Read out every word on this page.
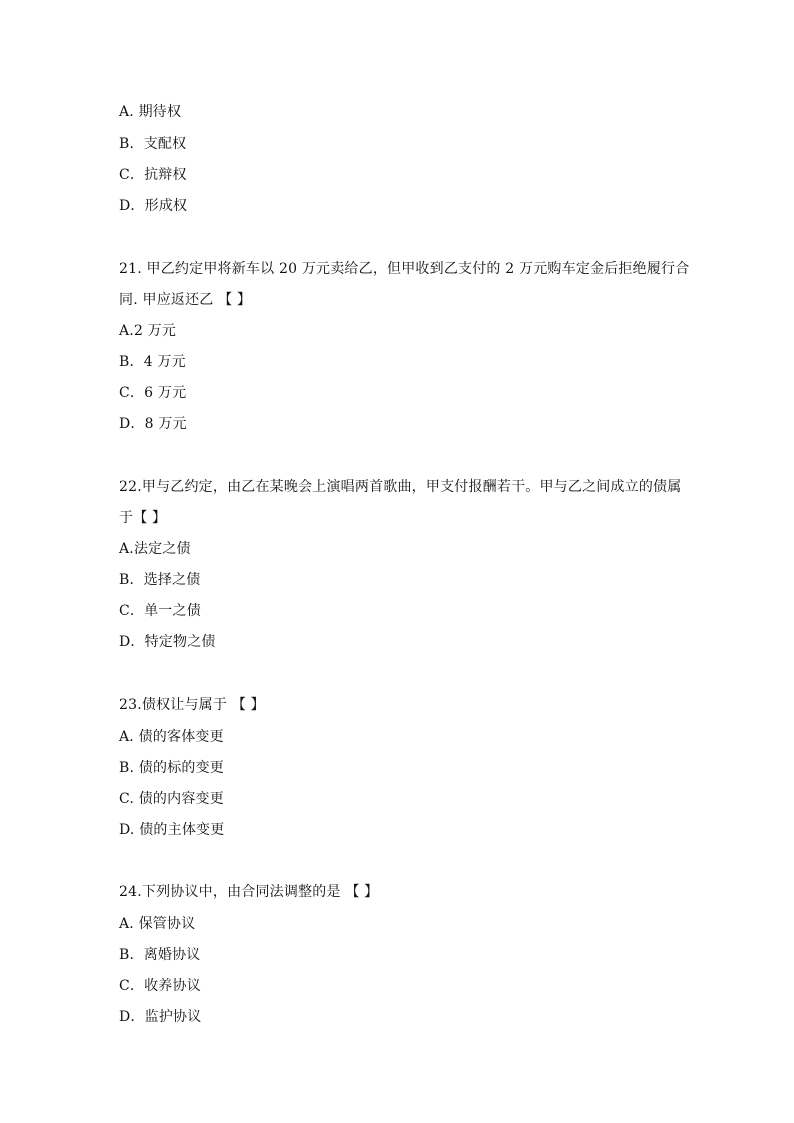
A. 期待权
B．支配权
C．抗辩权
D．形成权
21. 甲乙约定甲将新车以 20 万元卖给乙，但甲收到乙支付的 2 万元购车定金后拒绝履行合
同. 甲应返还乙 【 】
A.2 万元
B．4 万元
C．6 万元
D．8 万元
22.甲与乙约定，由乙在某晚会上演唱两首歌曲，甲支付报酬若干。甲与乙之间成立的债属
于【 】
A.法定之债
B．选择之债
C．单一之债
D．特定物之债
23.债权让与属于 【 】
A. 债的客体变更
B. 债的标的变更
C. 债的内容变更
D. 债的主体变更
24.下列协议中，由合同法调整的是 【 】
A. 保管协议
B．离婚协议
C．收养协议
D．监护协议
